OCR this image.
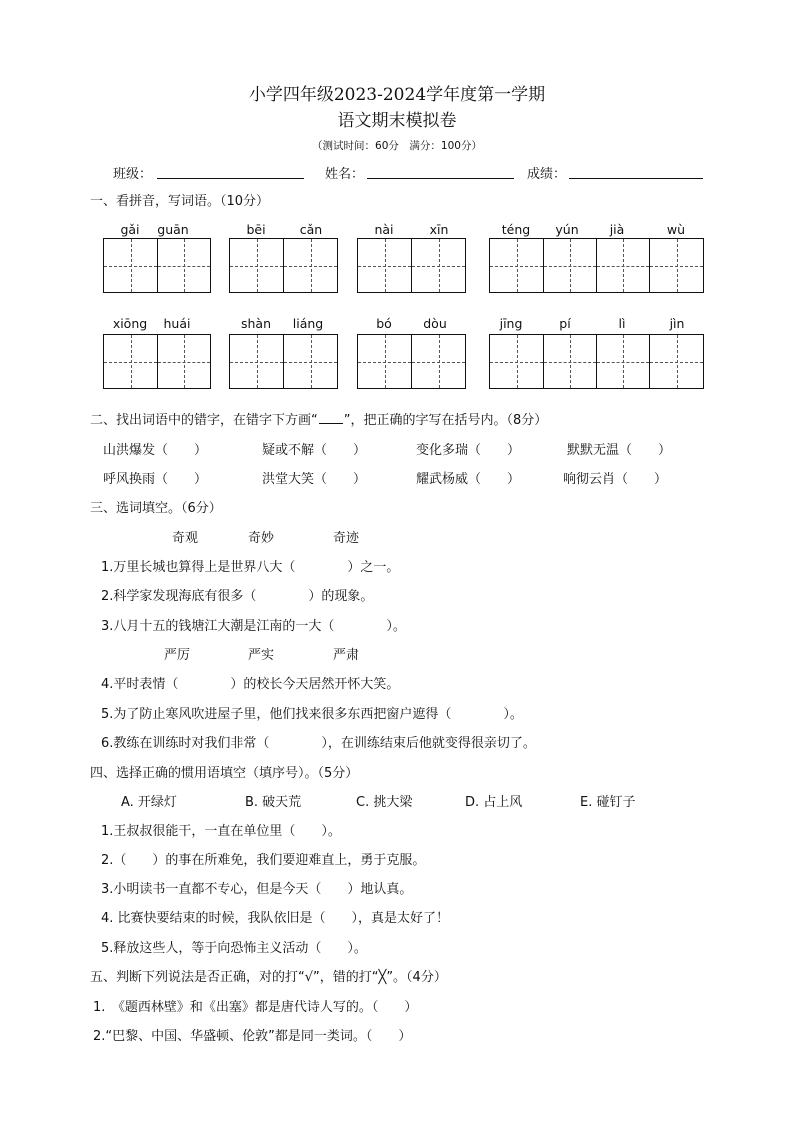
小学四年级2023-2024学年度第一学期
语文期末模拟卷
（测试时间：60分　满分：100分）
班级：	姓名：	成绩：
一、看拼音，写词语。（10分）
gǎi	guān	bēi	cǎn	nài	xīn	téng	yún	jià	wù
xiōng	huái	shàn	liáng	bó	dòu	jīng	pí	lì	jìn
二、找出词语中的错字，在错字下方画“ ”，把正确的字写在括号内。（8分）
山洪爆发（　　）	疑或不解（　　）	变化多瑞（　　）	默默无温（　　）
呼风换雨（　　）	洪堂大笑（　　）	耀武杨威（　　）	响彻云肖（　　）
三、选词填空。（6分）
奇观	奇妙	奇迹
1.万里长城也算得上是世界八大（　　　　）之一。
2.科学家发现海底有很多（　　　　）的现象。
3.八月十五的钱塘江大潮是江南的一大（　　　　）。
严厉	严实	严肃
4.平时表情（　　　　）的校长今天居然开怀大笑。
5.为了防止寒风吹进屋子里，他们找来很多东西把窗户遮得（　　　　）。
6.教练在训练时对我们非常（　　　　），在训练结束后他就变得很亲切了。
四、选择正确的惯用语填空（填序号）。（5分）
A. 开绿灯	B. 破天荒	C. 挑大梁	D. 占上风	E. 碰钉子
1.王叔叔很能干，一直在单位里（　　）。
2.（　　）的事在所难免，我们要迎难直上，勇于克服。
3.小明读书一直都不专心，但是今天（　　）地认真。
4. 比赛快要结束的时候，我队依旧是（　　），真是太好了！
5.释放这些人，等于向恐怖主义活动（　　）。
五、判断下列说法是否正确，对的打“√”，错的打“╳”。（4分）
1.　《题西林壁》和《出塞》都是唐代诗人写的。（　　）
2.“巴黎、中国、华盛顿、伦敦”都是同一类词。（　　）
